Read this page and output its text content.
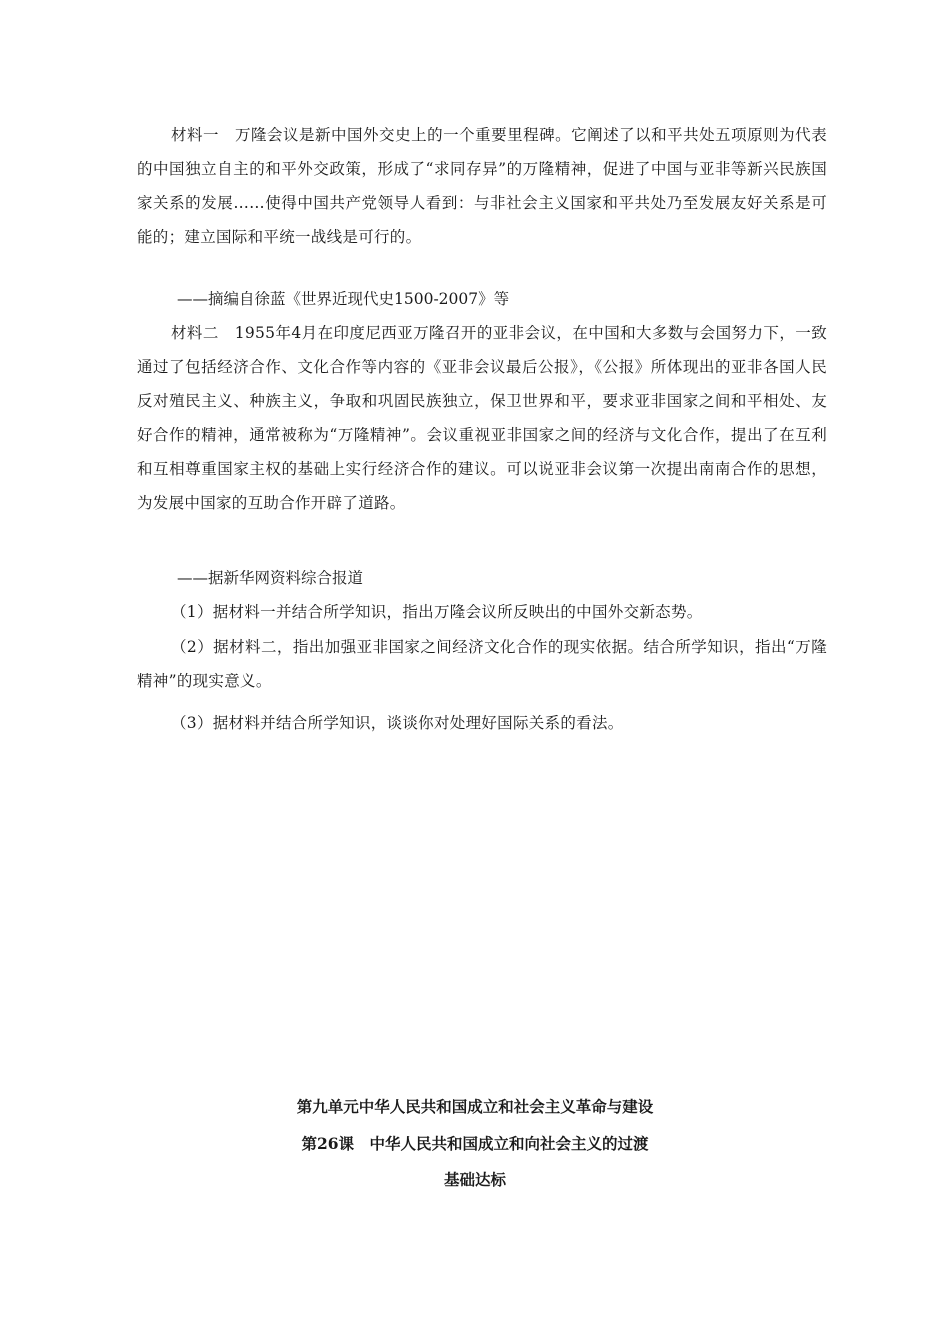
材料一　万隆会议是新中国外交史上的一个重要里程碑。它阐述了以和平共处五项原则为代表的中国独立自主的和平外交政策，形成了“求同存异”的万隆精神，促进了中国与亚非等新兴民族国家关系的发展……使得中国共产党领导人看到：与非社会主义国家和平共处乃至发展友好关系是可能的；建立国际和平统一战线是可行的。

——摘编自徐蓝《世界近现代史1500-2007》等

材料二　1955年4月在印度尼西亚万隆召开的亚非会议，在中国和大多数与会国努力下，一致通过了包括经济合作、文化合作等内容的《亚非会议最后公报》，《公报》所体现出的亚非各国人民反对殖民主义、种族主义，争取和巩固民族独立，保卫世界和平，要求亚非国家之间和平相处、友好合作的精神，通常被称为“万隆精神”。会议重视亚非国家之间的经济与文化合作，提出了在互利和互相尊重国家主权的基础上实行经济合作的建议。可以说亚非会议第一次提出南南合作的思想，为发展中国家的互助合作开辟了道路。

——据新华网资料综合报道

（1）据材料一并结合所学知识，指出万隆会议所反映出的中国外交新态势。

（2）据材料二，指出加强亚非国家之间经济文化合作的现实依据。结合所学知识，指出“万隆精神”的现实意义。

（3）据材料并结合所学知识，谈谈你对处理好国际关系的看法。

第九单元中华人民共和国成立和社会主义革命与建设

第26课　中华人民共和国成立和向社会主义的过渡

基础达标
